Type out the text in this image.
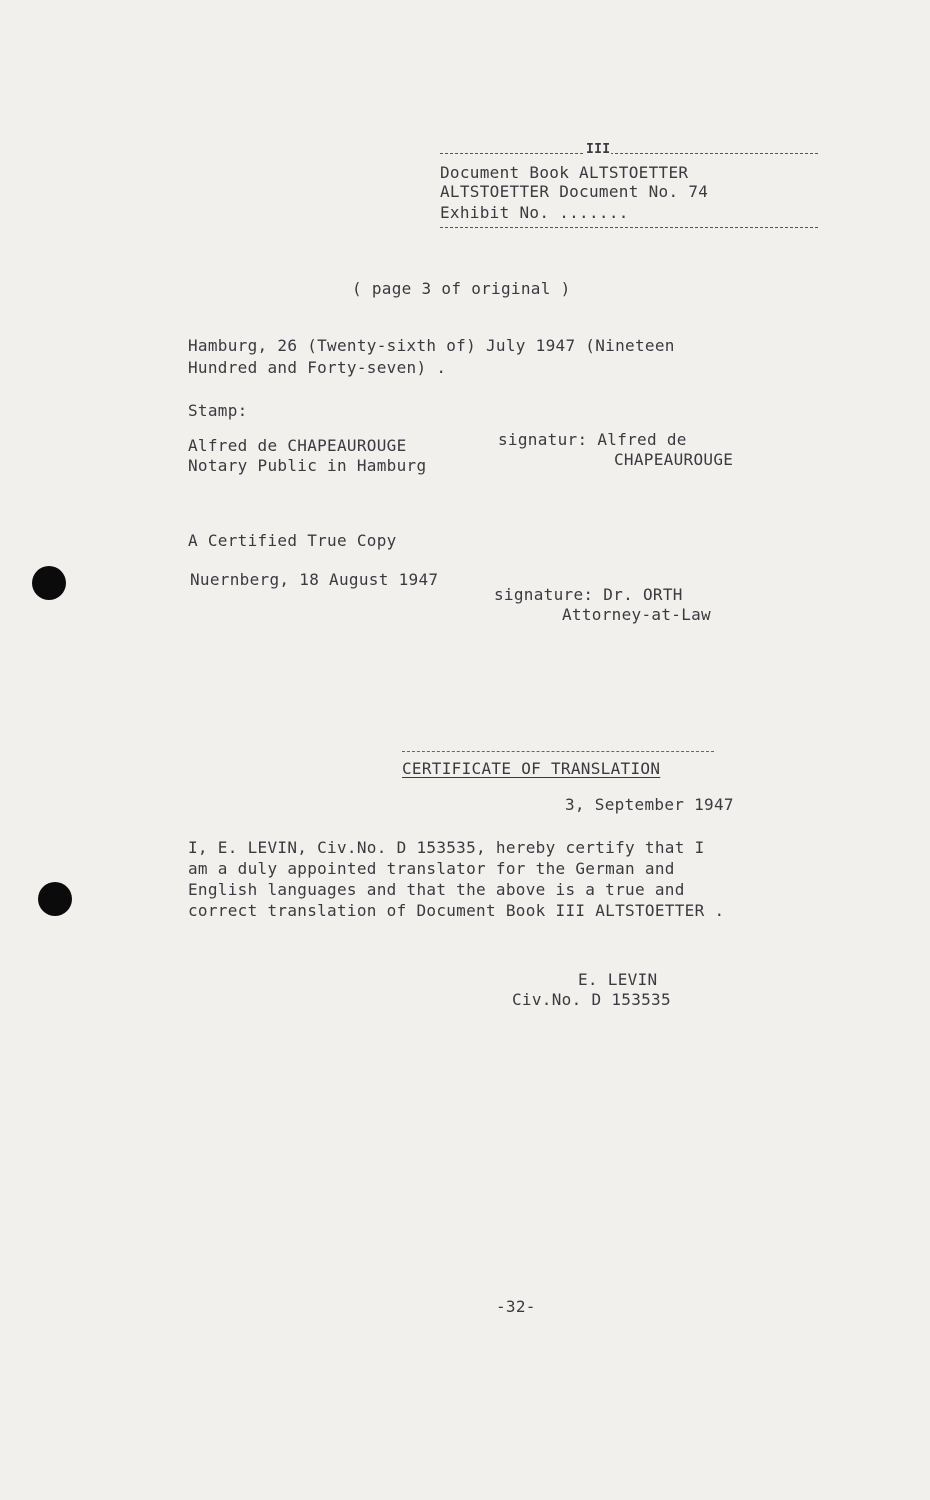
III
Document Book ALTSTOETTER
ALTSTOETTER Document No. 74
Exhibit No. .......
( page 3 of original )
Hamburg, 26 (Twenty-sixth of) July 1947 (Nineteen
Hundred and Forty-seven) .
Stamp:
Alfred de CHAPEAUROUGE
Notary Public in Hamburg
signatur: Alfred de
CHAPEAUROUGE
A Certified True Copy
Nuernberg, 18 August 1947
signature: Dr. ORTH
Attorney-at-Law
CERTIFICATE OF TRANSLATION
3, September 1947
I, E. LEVIN, Civ.No. D 153535, hereby certify that I
am a duly appointed translator for the German and
English languages and that the above is a true and
correct translation of Document Book III ALTSTOETTER .
E. LEVIN
Civ.No. D 153535
-32-
